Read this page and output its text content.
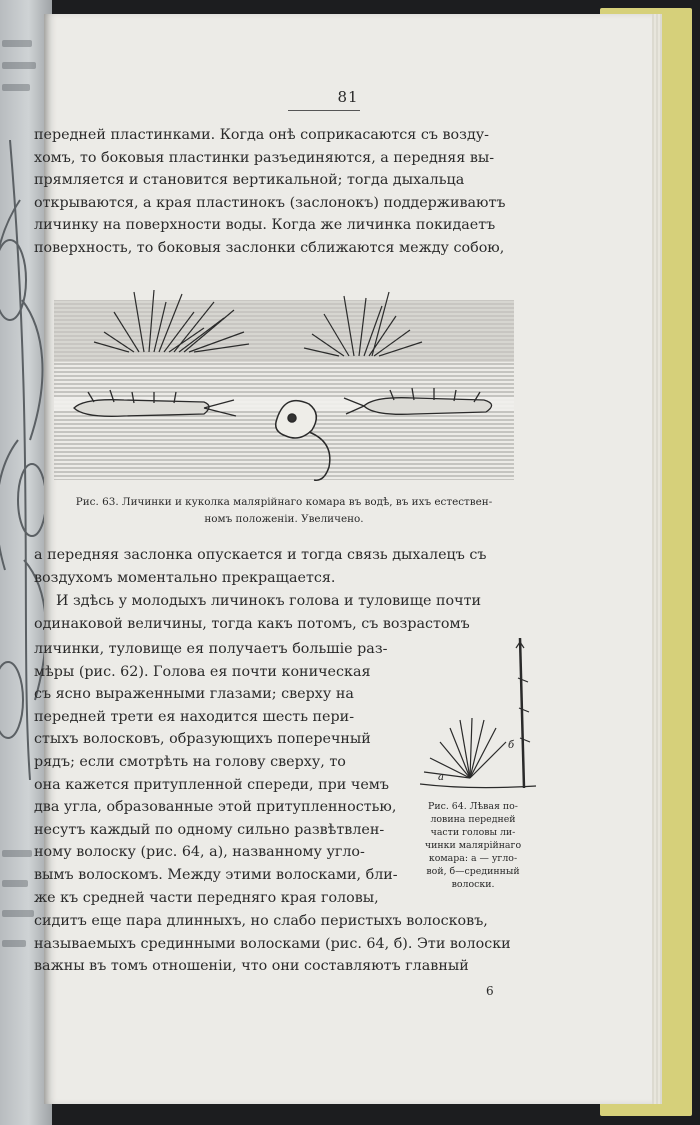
81
передней пластинками. Когда онѣ соприкасаются съ возду-
хомъ, то боковыя пластинки разъединяются, а передняя вы-
прямляется и становится вертикальной; тогда дыхальца
открываются, а края пластинокъ (заслонокъ) поддерживаютъ
личинку на поверхности воды. Когда же личинка покидаетъ
поверхность, то боковыя заслонки сближаются между собою,
Рис. 63. Личинки и куколка малярійнаго комара въ водѣ, въ ихъ естествен-
номъ положеніи. Увеличено.
а передняя заслонка опускается и тогда связь дыхалецъ съ
воздухомъ моментально прекращается.
И здѣсь у молодыхъ личинокъ голова и туловище почти
одинаковой величины, тогда какъ потомъ, съ возрастомъ
личинки, туловище ея получаетъ большіе раз-
мѣры (рис. 62). Голова ея почти коническая
съ ясно выраженными глазами; сверху на
передней трети ея находится шесть пери-
стыхъ волосковъ, образующихъ поперечный
рядъ; если смотрѣть на голову сверху, то
она кажется притупленной спереди, при чемъ
два угла, образованные этой притупленностью,
несутъ каждый по одному сильно развѣтвлен-
ному волоску (рис. 64, а), названному угло-
вымъ волоскомъ. Между этими волосками, бли-
же къ средней части передняго края головы,
а
б
Рис. 64. Лѣвая по-
ловина передней
части головы ли-
чинки малярійнаго
комара: а — угло-
вой, б—срединный
волоски.
сидитъ еще пара длинныхъ, но слабо перистыхъ волосковъ,
называемыхъ срединными волосками (рис. 64, б). Эти волоски
важны въ томъ отношеніи, что они составляютъ главный
6
